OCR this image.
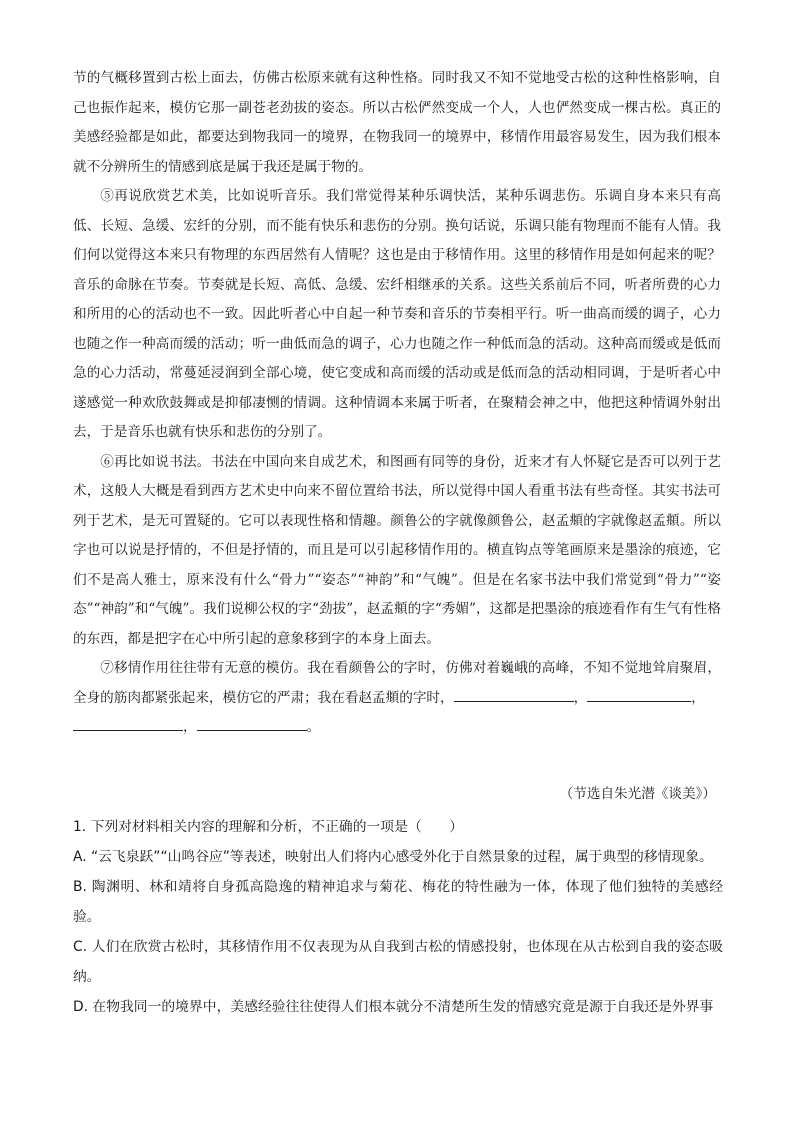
节的气概移置到古松上面去，仿佛古松原来就有这种性格。同时我又不知不觉地受古松的这种性格影响，自己也振作起来，模仿它那一副苍老劲拔的姿态。所以古松俨然变成一个人，人也俨然变成一棵古松。真正的美感经验都是如此，都要达到物我同一的境界，在物我同一的境界中，移情作用最容易发生，因为我们根本就不分辨所生的情感到底是属于我还是属于物的。

⑤再说欣赏艺术美，比如说听音乐。我们常觉得某种乐调快活，某种乐调悲伤。乐调自身本来只有高低、长短、急缓、宏纤的分别，而不能有快乐和悲伤的分别。换句话说，乐调只能有物理而不能有人情。我们何以觉得这本来只有物理的东西居然有人情呢？这也是由于移情作用。这里的移情作用是如何起来的呢？音乐的命脉在节奏。节奏就是长短、高低、急缓、宏纤相继承的关系。这些关系前后不同，听者所费的心力和所用的心的活动也不一致。因此听者心中自起一种节奏和音乐的节奏相平行。听一曲高而缓的调子，心力也随之作一种高而缓的活动；听一曲低而急的调子，心力也随之作一种低而急的活动。这种高而缓或是低而急的心力活动，常蔓延浸润到全部心境，使它变成和高而缓的活动或是低而急的活动相同调，于是听者心中遂感觉一种欢欣鼓舞或是抑郁凄恻的情调。这种情调本来属于听者，在聚精会神之中，他把这种情调外射出去，于是音乐也就有快乐和悲伤的分别了。

⑥再比如说书法。书法在中国向来自成艺术，和图画有同等的身份，近来才有人怀疑它是否可以列于艺术，这般人大概是看到西方艺术史中向来不留位置给书法，所以觉得中国人看重书法有些奇怪。其实书法可列于艺术，是无可置疑的。它可以表现性格和情趣。颜鲁公的字就像颜鲁公，赵孟頫的字就像赵孟頫。所以字也可以说是抒情的，不但是抒情的，而且是可以引起移情作用的。横直钩点等笔画原来是墨涂的痕迹，它们不是高人雅士，原来没有什么“骨力”“姿态”“神韵”和“气魄”。但是在名家书法中我们常觉到“骨力”“姿态”“神韵”和“气魄”。我们说柳公权的字“劲拔”，赵孟頫的字“秀媚”，这都是把墨涂的痕迹看作有生气有性格的东西，都是把字在心中所引起的意象移到字的本身上面去。

⑦移情作用往往带有无意的模仿。我在看颜鲁公的字时，仿佛对着巍峨的高峰，不知不觉地耸肩聚眉，全身的筋肉都紧张起来，模仿它的严肃；我在看赵孟頫的字时，	，	，
，	。

（节选自朱光潜《谈美》）

1. 下列对材料相关内容的理解和分析，不正确的一项是（　　）

A. “云飞泉跃”“山鸣谷应”等表述，映射出人们将内心感受外化于自然景象的过程，属于典型的移情现象。

B. 陶渊明、林和靖将自身孤高隐逸的精神追求与菊花、梅花的特性融为一体，体现了他们独特的美感经验。

C. 人们在欣赏古松时，其移情作用不仅表现为从自我到古松的情感投射，也体现在从古松到自我的姿态吸纳。

D. 在物我同一的境界中，美感经验往往使得人们根本就分不清楚所生发的情感究竟是源于自我还是外界事
